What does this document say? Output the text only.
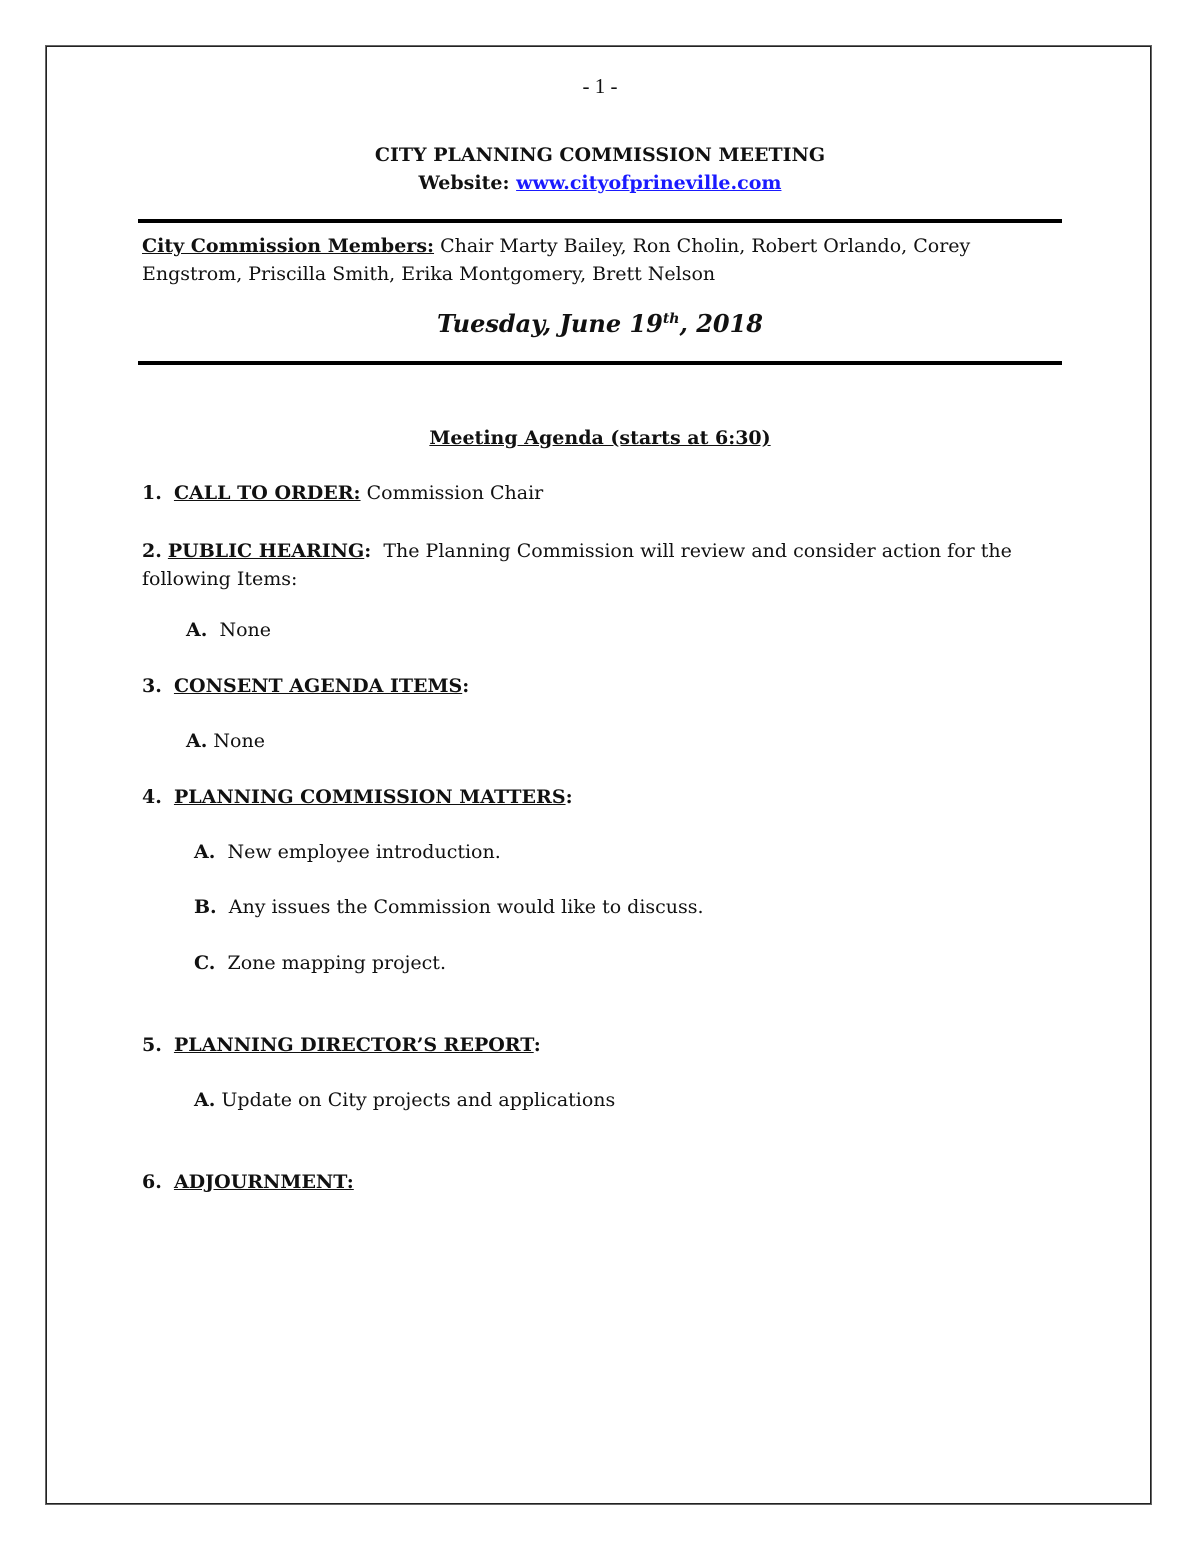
- 1 -
CITY PLANNING COMMISSION MEETING
Website: www.cityofprineville.com
City Commission Members: Chair Marty Bailey, Ron Cholin, Robert Orlando, Corey Engstrom, Priscilla Smith, Erika Montgomery, Brett Nelson
Tuesday, June 19th, 2018
Meeting Agenda (starts at 6:30)
1. CALL TO ORDER: Commission Chair
2. PUBLIC HEARING: The Planning Commission will review and consider action for the following Items:
A. None
3. CONSENT AGENDA ITEMS:
A. None
4. PLANNING COMMISSION MATTERS:
A. New employee introduction.
B. Any issues the Commission would like to discuss.
C. Zone mapping project.
5. PLANNING DIRECTOR’S REPORT:
A. Update on City projects and applications
6. ADJOURNMENT:
